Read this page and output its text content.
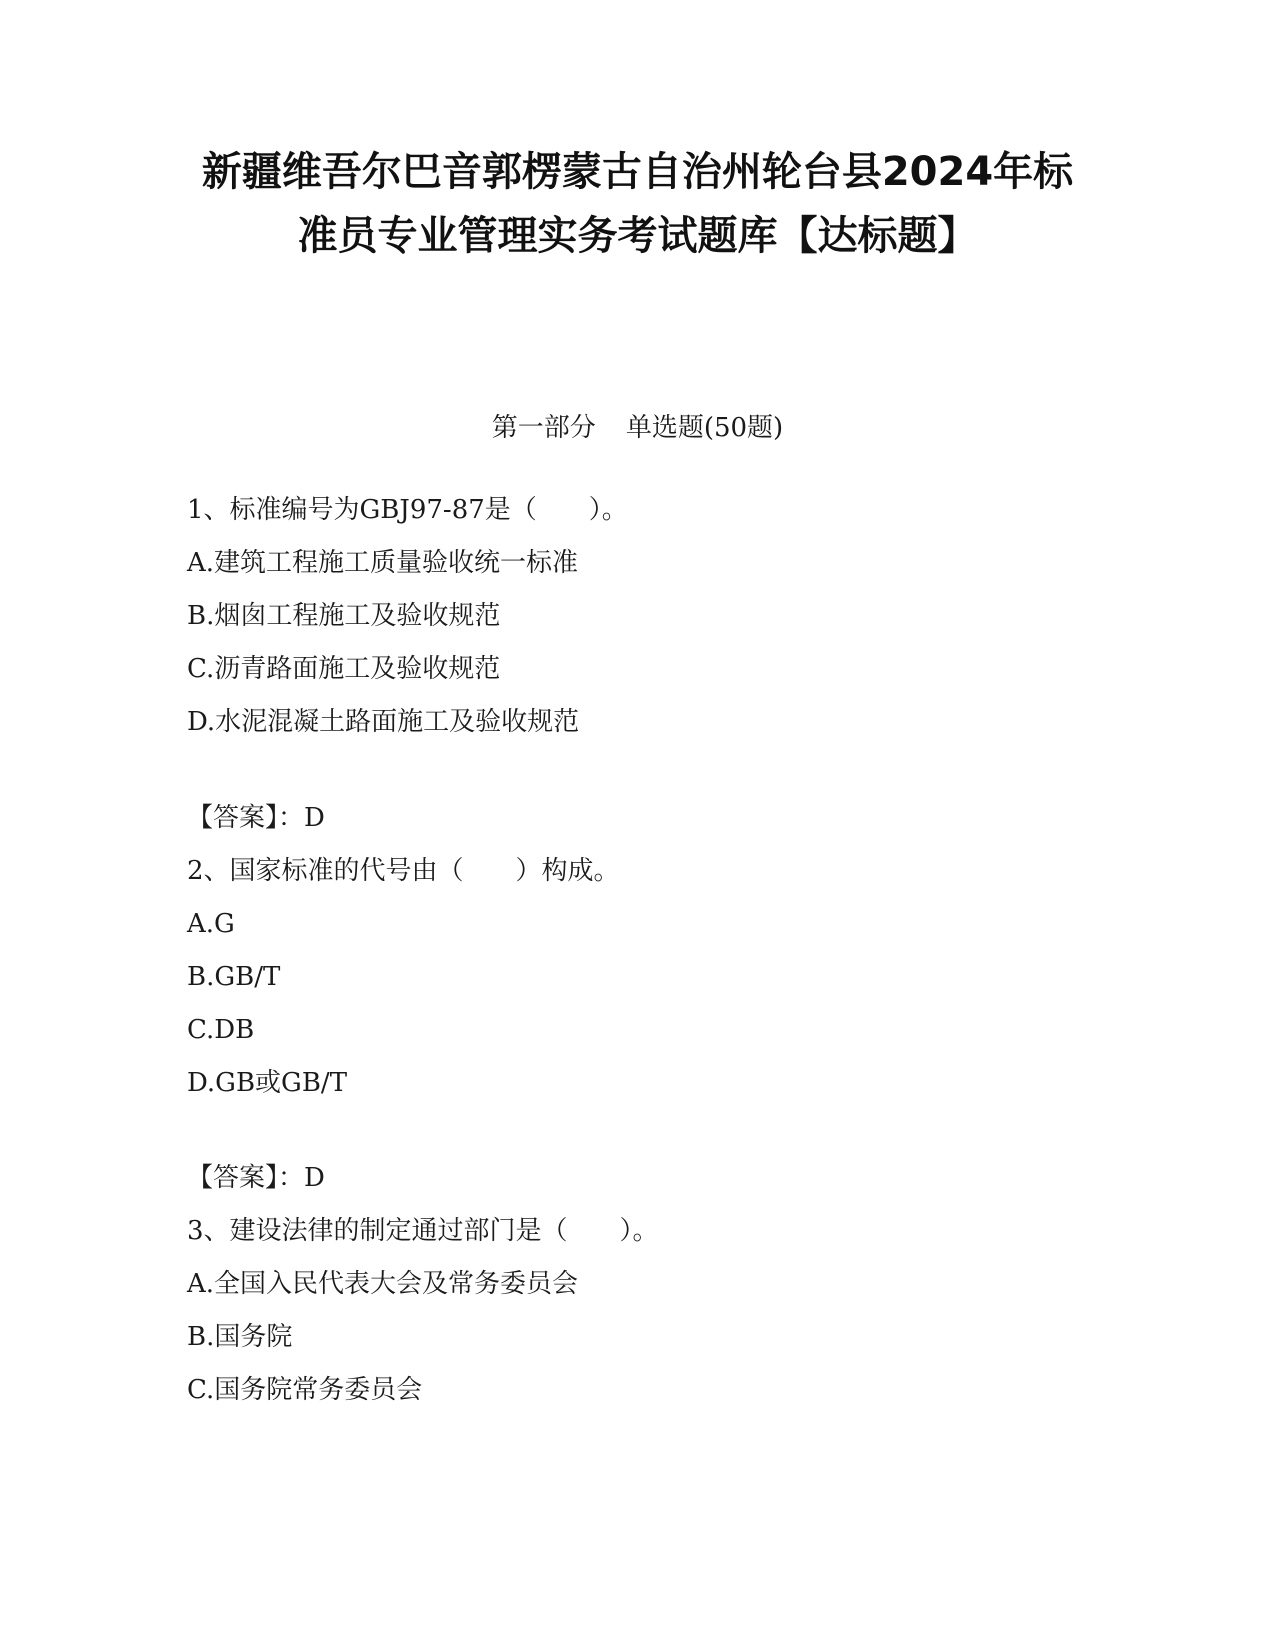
新疆维吾尔巴音郭楞蒙古自治州轮台县2024年标
准员专业管理实务考试题库【达标题】
第一部分 单选题(50题)
1、标准编号为GBJ97-87是（　　）。
A.建筑工程施工质量验收统一标准
B.烟囱工程施工及验收规范
C.沥青路面施工及验收规范
D.水泥混凝土路面施工及验收规范
【答案】：D
2、国家标准的代号由（　　）构成。
A.G
B.GB/T
C.DB
D.GB或GB/T
【答案】：D
3、建设法律的制定通过部门是（　　）。
A.全国入民代表大会及常务委员会
B.国务院
C.国务院常务委员会
